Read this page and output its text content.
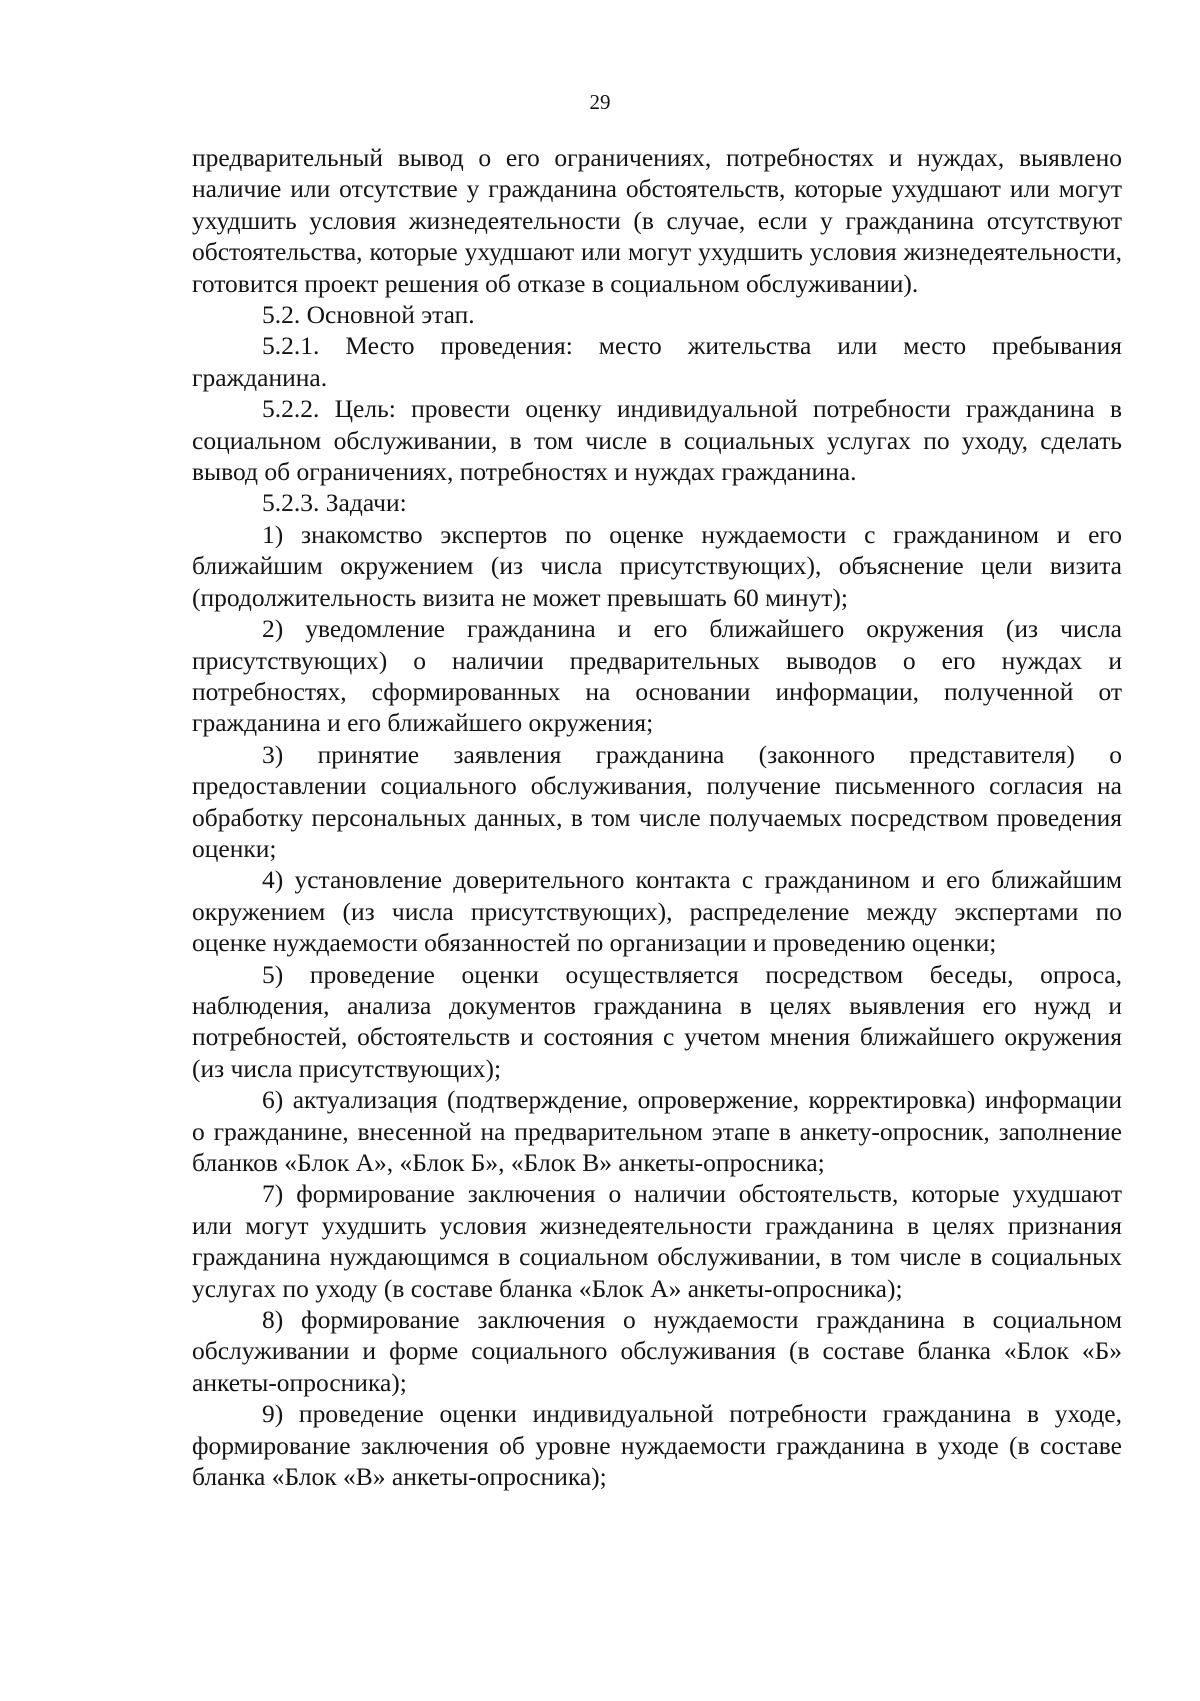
29

предварительный вывод о его ограничениях, потребностях и нуждах, выявлено наличие или отсутствие у гражданина обстоятельств, которые ухудшают или могут ухудшить условия жизнедеятельности (в случае, если у гражданина отсутствуют обстоятельства, которые ухудшают или могут ухудшить условия жизнедеятельности, готовится проект решения об отказе в социальном обслуживании).

5.2. Основной этап.

5.2.1. Место проведения: место жительства или место пребывания гражданина.

5.2.2. Цель: провести оценку индивидуальной потребности гражданина в социальном обслуживании, в том числе в социальных услугах по уходу, сделать вывод об ограничениях, потребностях и нуждах гражданина.

5.2.3. Задачи:

1) знакомство экспертов по оценке нуждаемости с гражданином и его ближайшим окружением (из числа присутствующих), объяснение цели визита (продолжительность визита не может превышать 60 минут);

2) уведомление гражданина и его ближайшего окружения (из числа присутствующих) о наличии предварительных выводов о его нуждах и потребностях, сформированных на основании информации, полученной от гражданина и его ближайшего окружения;

3) принятие заявления гражданина (законного представителя) о предоставлении социального обслуживания, получение письменного согласия на обработку персональных данных, в том числе получаемых посредством проведения оценки;

4) установление доверительного контакта с гражданином и его ближайшим окружением (из числа присутствующих), распределение между экспертами по оценке нуждаемости обязанностей по организации и проведению оценки;

5) проведение оценки осуществляется посредством беседы, опроса, наблюдения, анализа документов гражданина в целях выявления его нужд и потребностей, обстоятельств и состояния с учетом мнения ближайшего окружения (из числа присутствующих);

6) актуализация (подтверждение, опровержение, корректировка) информации о гражданине, внесенной на предварительном этапе в анкету-опросник, заполнение бланков «Блок А», «Блок Б», «Блок В» анкеты-опросника;

7) формирование заключения о наличии обстоятельств, которые ухудшают или могут ухудшить условия жизнедеятельности гражданина в целях признания гражданина нуждающимся в социальном обслуживании, в том числе в социальных услугах по уходу (в составе бланка «Блок А» анкеты-опросника);

8) формирование заключения о нуждаемости гражданина в социальном обслуживании и форме социального обслуживания (в составе бланка «Блок «Б» анкеты-опросника);

9) проведение оценки индивидуальной потребности гражданина в уходе, формирование заключения об уровне нуждаемости гражданина в уходе (в составе бланка «Блок «В» анкеты-опросника);
